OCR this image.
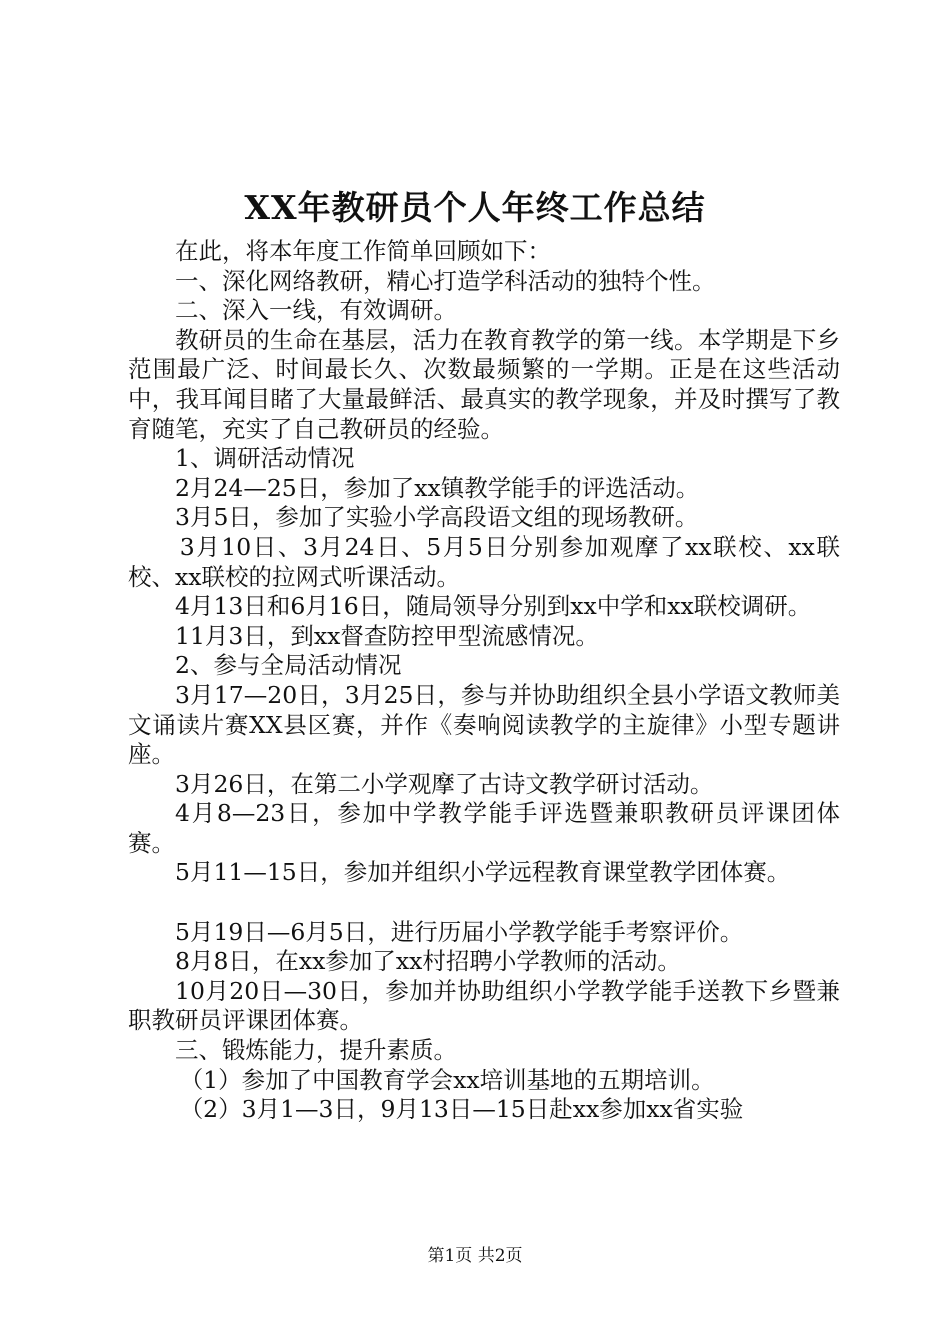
XX年教研员个人年终工作总结

在此，将本年度工作简单回顾如下：

一、深化网络教研，精心打造学科活动的独特个性。

二、深入一线，有效调研。

教研员的生命在基层，活力在教育教学的第一线。本学期是下乡范围最广泛、时间最长久、次数最频繁的一学期。正是在这些活动中，我耳闻目睹了大量最鲜活、最真实的教学现象，并及时撰写了教育随笔，充实了自己教研员的经验。

1、调研活动情况

2月24—25日，参加了xx镇教学能手的评选活动。

3月5日，参加了实验小学高段语文组的现场教研。

3月10日、3月24日、5月5日分别参加观摩了xx联校、xx联校、xx联校的拉网式听课活动。

4月13日和6月16日，随局领导分别到xx中学和xx联校调研。

11月3日，到xx督查防控甲型流感情况。

2、参与全局活动情况

3月17—20日，3月25日，参与并协助组织全县小学语文教师美文诵读片赛XX县区赛，并作《奏响阅读教学的主旋律》小型专题讲座。

3月26日，在第二小学观摩了古诗文教学研讨活动。

4月8—23日，参加中学教学能手评选暨兼职教研员评课团体赛。

5月11—15日，参加并组织小学远程教育课堂教学团体赛。

5月19日—6月5日，进行历届小学教学能手考察评价。

8月8日，在xx参加了xx村招聘小学教师的活动。

10月20日—30日，参加并协助组织小学教学能手送教下乡暨兼职教研员评课团体赛。

三、锻炼能力，提升素质。

（1）参加了中国教育学会xx培训基地的五期培训。

（2）3月1—3日，9月13日—15日赴xx参加xx省实验

第1页 共2页
